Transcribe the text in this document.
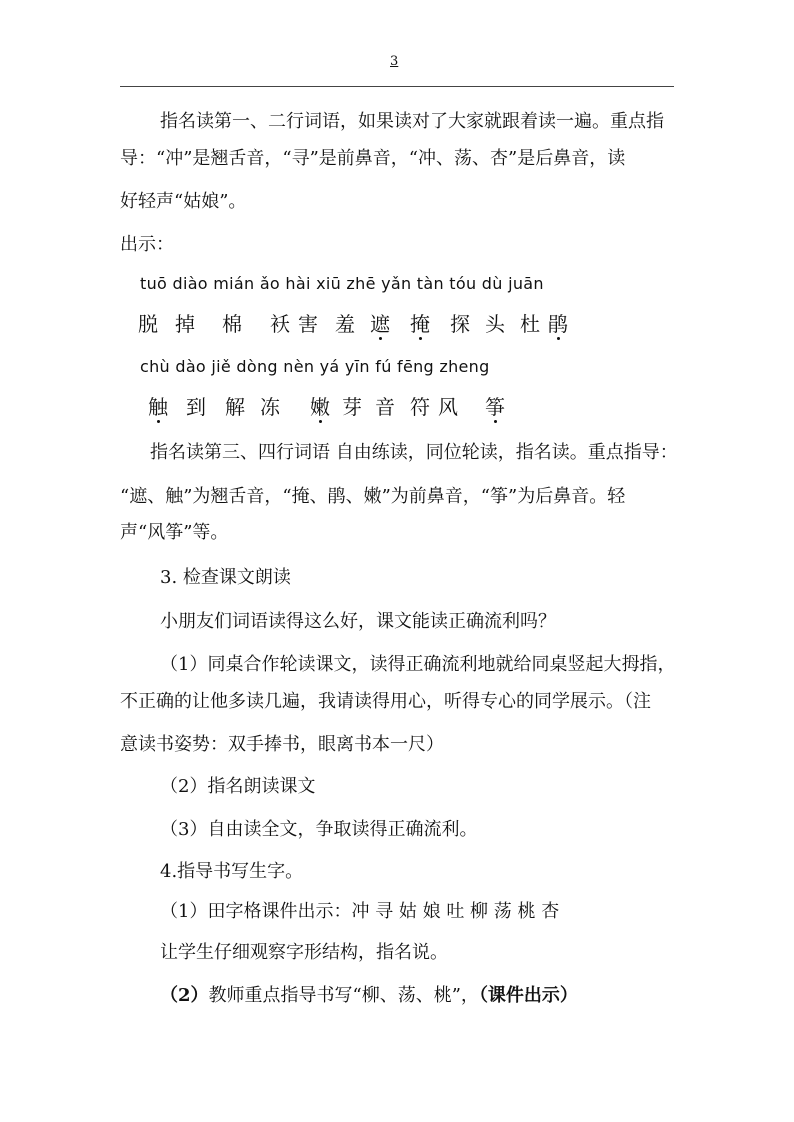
3
指名读第一、二行词语，如果读对了大家就跟着读一遍。重点指
导：“冲”是翘舌音，“寻”是前鼻音，“冲、荡、杏”是后鼻音，读
好轻声“姑娘”。
出示：
tuō diào mián ǎo hài xiū zhē yǎn tàn tóu dù juān
脱 掉 棉 袄 害 羞 遮 掩 探 头 杜 鹃
chù dào jiě dòng nèn yá yīn fú fēng zheng
触 到 解 冻 嫩 芽 音 符 风 筝
指名读第三、四行词语 自由练读，同位轮读，指名读。重点指导：
“遮、触”为翘舌音，“掩、鹃、嫩”为前鼻音，“筝”为后鼻音。轻
声“风筝”等。
3. 检查课文朗读
小朋友们词语读得这么好，课文能读正确流利吗？
（1）同桌合作轮读课文，读得正确流利地就给同桌竖起大拇指，
不正确的让他多读几遍，我请读得用心，听得专心的同学展示。（注
意读书姿势：双手捧书，眼离书本一尺）
（2）指名朗读课文
（3）自由读全文，争取读得正确流利。
4.指导书写生字。
（1）田字格课件出示：冲 寻 姑 娘 吐 柳 荡 桃 杏
让学生仔细观察字形结构，指名说。
（2）教师重点指导书写“柳、荡、桃”，（课件出示）
